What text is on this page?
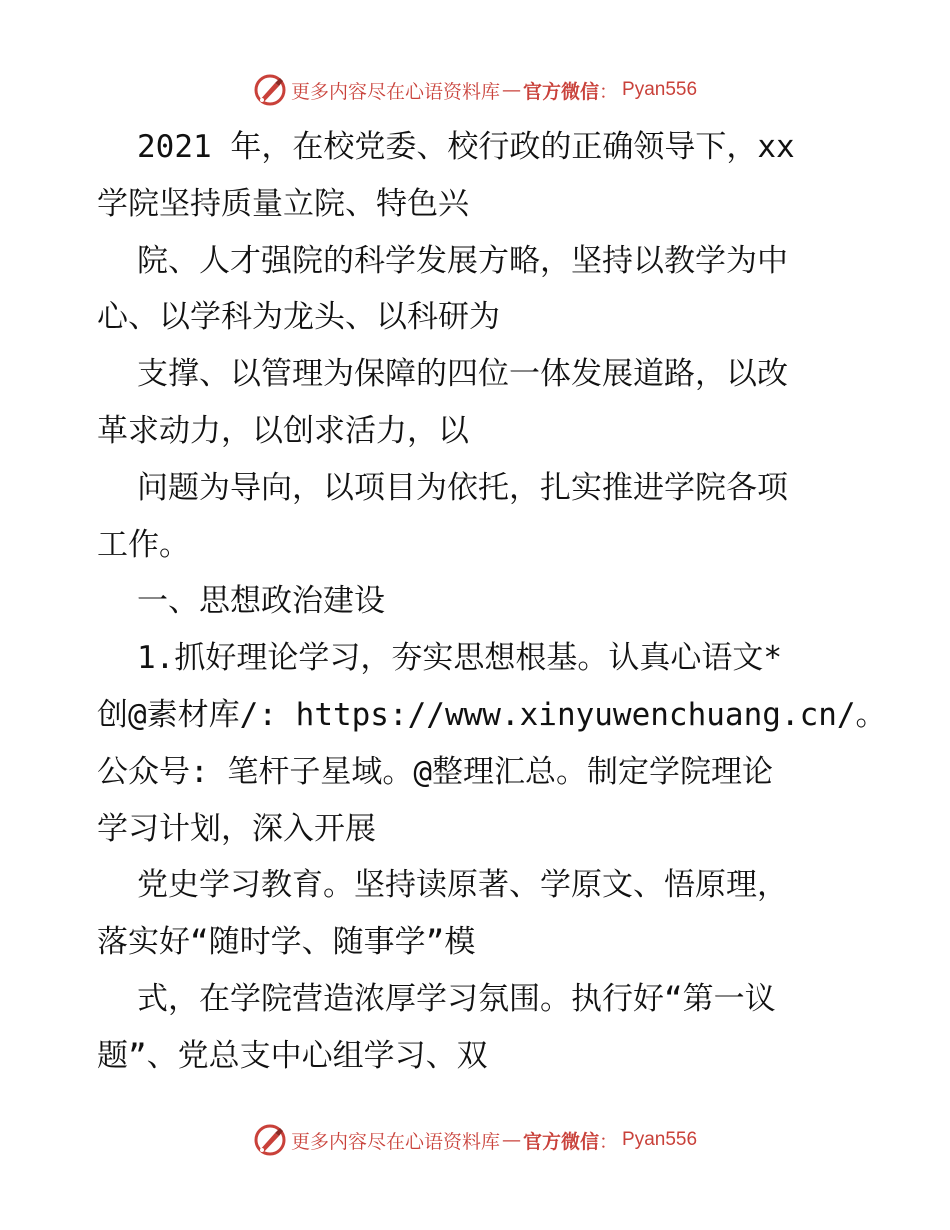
更多内容尽在心语资料库 — 官方微信 ： Pyan556
2021 年，在校党委、校行政的正确领导下，xx
学院坚持质量立院、特色兴
院、人才强院的科学发展方略，坚持以教学为中
心、以学科为龙头、以科研为
支撑、以管理为保障的四位一体发展道路，以改
革求动力，以创求活力，以
问题为导向，以项目为依托，扎实推进学院各项
工作。
一、思想政治建设
1.抓好理论学习，夯实思想根基。认真心语文*
创@素材库/: https://www.xinyuwenchuang.cn/。
公众号: 笔杆子星域。@整理汇总。制定学院理论
学习计划，深入开展
党史学习教育。坚持读原著、学原文、悟原理，
落实好“随时学、随事学”模
式，在学院营造浓厚学习氛围。执行好“第一议
题”、党总支中心组学习、双
更多内容尽在心语资料库 — 官方微信 ： Pyan556
